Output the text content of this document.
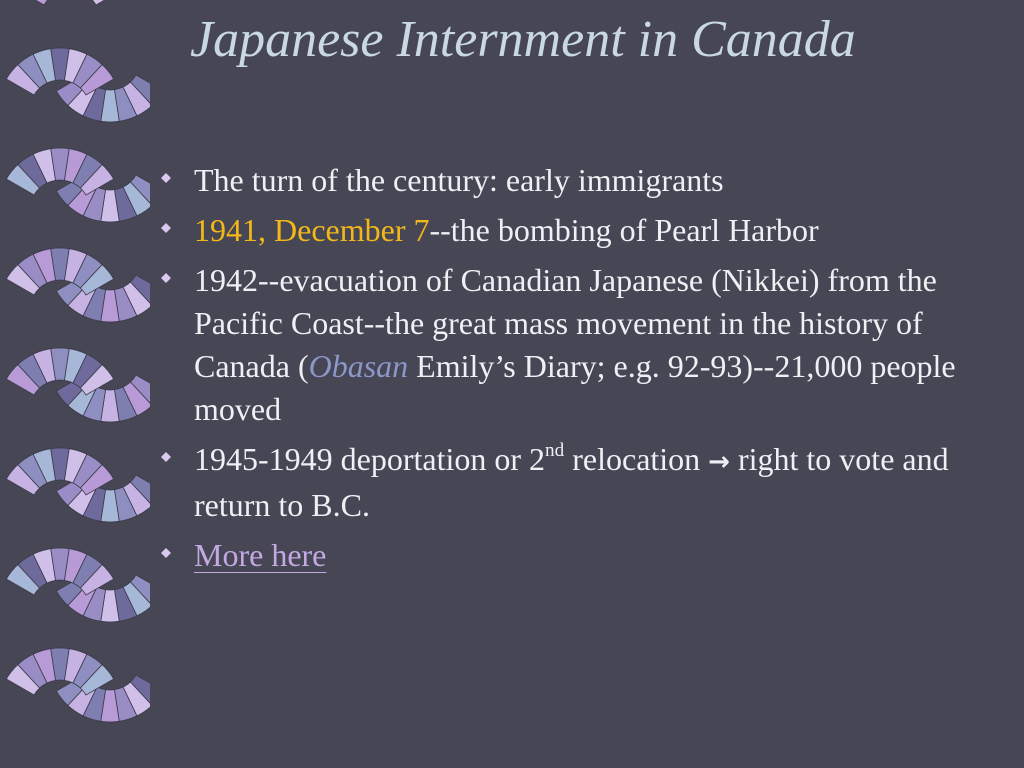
Japanese Internment in Canada
The turn of the century: early immigrants
1941, December 7--the bombing of Pearl Harbor
1942--evacuation of Canadian Japanese (Nikkei) from the Pacific Coast--the great mass movement in the history of Canada (Obasan Emily’s Diary; e.g. 92-93)--21,000 people moved
1945-1949 deportation or 2nd relocation → right to vote and return to B.C.
More here
